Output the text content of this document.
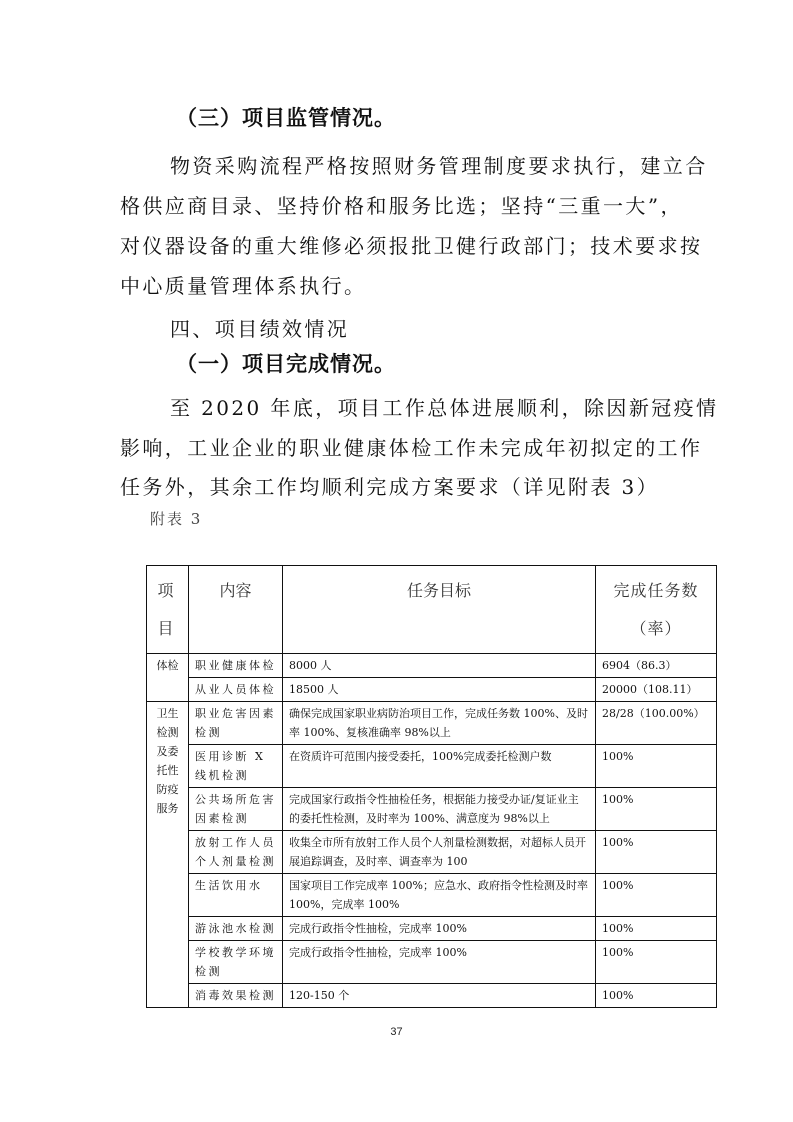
（三）项目监管情况。
物资采购流程严格按照财务管理制度要求执行，建立合
格供应商目录、坚持价格和服务比选；坚持“三重一大”，
对仪器设备的重大维修必须报批卫健行政部门；技术要求按
中心质量管理体系执行。
四、项目绩效情况
（一）项目完成情况。
至 2020 年底，项目工作总体进展顺利，除因新冠疫情
影响，工业企业的职业健康体检工作未完成年初拟定的工作
任务外，其余工作均顺利完成方案要求（详见附表 3）
附表 3
项目	内容	任务目标	完成任务数（率）
体检	职业健康体检	8000 人	6904（86.3）
	从业人员体检	18500 人	20000（108.11）
卫生检测及委托性防疫服务	职业危害因素检测	确保完成国家职业病防治项目工作，完成任务数 100%、及时率 100%、复核准确率 98%以上	28/28（100.00%）
	医用诊断 X 线机检测	在资质许可范围内接受委托，100%完成委托检测户数	100%
	公共场所危害因素检测	完成国家行政指令性抽检任务，根据能力接受办证/复证业主的委托性检测，及时率为 100%、满意度为 98%以上	100%
	放射工作人员个人剂量检测	收集全市所有放射工作人员个人剂量检测数据，对超标人员开展追踪调查，及时率、调查率为 100	100%
	生活饮用水	国家项目工作完成率 100%；应急水、政府指令性检测及时率 100%，完成率 100%	100%
	游泳池水检测	完成行政指令性抽检，完成率 100%	100%
	学校教学环境检测	完成行政指令性抽检，完成率 100%	100%
	消毒效果检测	120-150 个	100%
37
